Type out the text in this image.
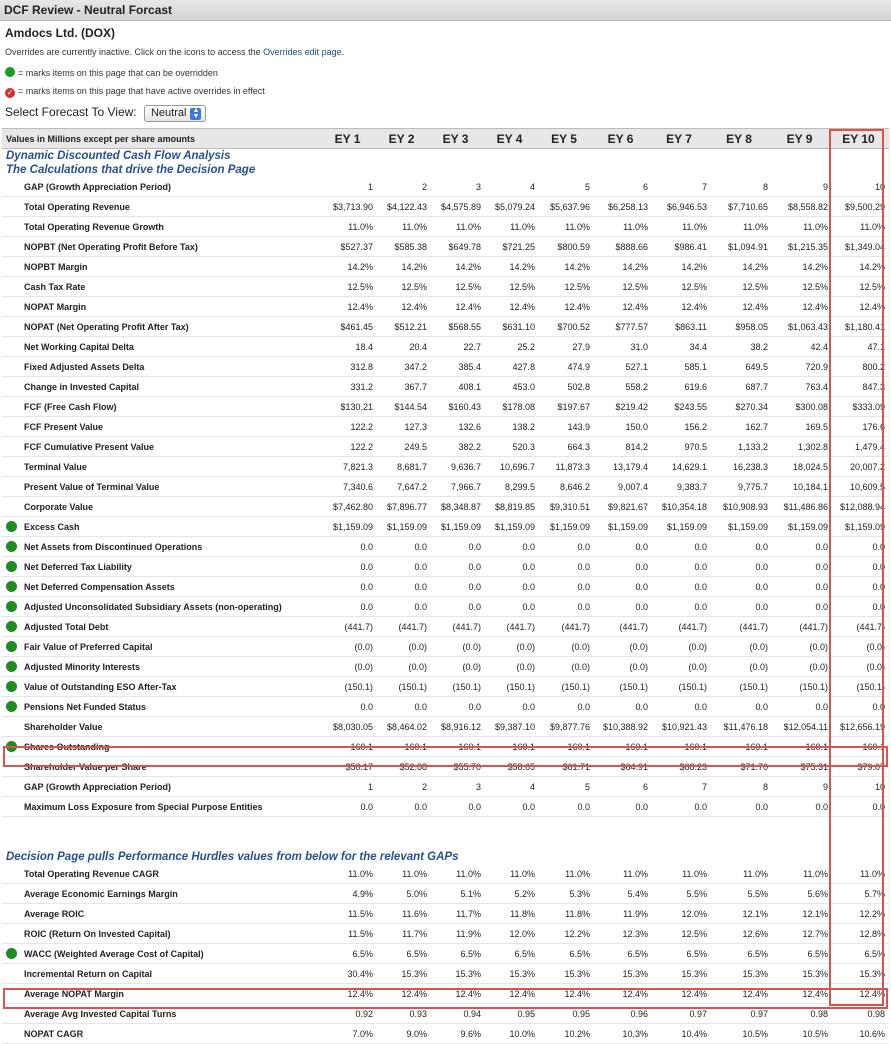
DCF Review - Neutral Forcast
Amdocs Ltd. (DOX)
Overrides are currently inactive. Click on the icons to access the Overrides edit page.
= marks items on this page that can be overridden
✓ = marks items on this page that have active overrides in effect
Select Forecast To View: Neutral ▲
▼
Values in Millions except per share amounts	EY 1	EY 2	EY 3	EY 4	EY 5	EY 6	EY 7	EY 8	EY 9	EY 10

Dynamic Discounted Cash Flow Analysis
The Calculations that drive the Decision Page										

GAP (Growth Appreciation Period)	1	2	3	4	5	6	7	8	9	10
Total Operating Revenue	$3,713.90	$4,122.43	$4,575.89	$5,079.24	$5,637.96	$6,258.13	$6,946.53	$7,710.65	$8,558.82	$9,500.29
Total Operating Revenue Growth	11.0%	11.0%	11.0%	11.0%	11.0%	11.0%	11.0%	11.0%	11.0%	11.0%
NOPBT (Net Operating Profit Before Tax)	$527.37	$585.38	$649.78	$721.25	$800.59	$888.66	$986.41	$1,094.91	$1,215.35	$1,349.04
NOPBT Margin	14.2%	14.2%	14.2%	14.2%	14.2%	14.2%	14.2%	14.2%	14.2%	14.2%
Cash Tax Rate	12.5%	12.5%	12.5%	12.5%	12.5%	12.5%	12.5%	12.5%	12.5%	12.5%
NOPAT Margin	12.4%	12.4%	12.4%	12.4%	12.4%	12.4%	12.4%	12.4%	12.4%	12.4%
NOPAT (Net Operating Profit After Tax)	$461.45	$512.21	$568.55	$631.10	$700.52	$777.57	$863.11	$958.05	$1,063.43	$1,180.41
Net Working Capital Delta	18.4	20.4	22.7	25.2	27.9	31.0	34.4	38.2	42.4	47.1
Fixed Adjusted Assets Delta	312.8	347.2	385.4	427.8	474.9	527.1	585.1	649.5	720.9	800.2
Change in Invested Capital	331.2	367.7	408.1	453.0	502.8	558.2	619.6	687.7	763.4	847.3
FCF (Free Cash Flow)	$130.21	$144.54	$160.43	$178.08	$197.67	$219.42	$243.55	$270.34	$300.08	$333.09
FCF Present Value	122.2	127.3	132.6	138.2	143.9	150.0	156.2	162.7	169.5	176.6
FCF Cumulative Present Value	122.2	249.5	382.2	520.3	664.3	814.2	970.5	1,133.2	1,302.8	1,479.4
Terminal Value	7,821.3	8,681.7	9,636.7	10,696.7	11,873.3	13,179.4	14,629.1	16,238.3	18,024.5	20,007.2
Present Value of Terminal Value	7,340.6	7,647.2	7,966.7	8,299.5	8,646.2	9,007.4	9,383.7	9,775.7	10,184.1	10,609.5
Corporate Value	$7,462.80	$7,896.77	$8,348.87	$8,819.85	$9,310.51	$9,821.67	$10,354.18	$10,908.93	$11,486.86	$12,088.94

Excess Cash	$1,159.09	$1,159.09	$1,159.09	$1,159.09	$1,159.09	$1,159.09	$1,159.09	$1,159.09	$1,159.09	$1,159.09

Net Assets from Discontinued Operations	0.0	0.0	0.0	0.0	0.0	0.0	0.0	0.0	0.0	0.0

Net Deferred Tax Liability	0.0	0.0	0.0	0.0	0.0	0.0	0.0	0.0	0.0	0.0

Net Deferred Compensation Assets	0.0	0.0	0.0	0.0	0.0	0.0	0.0	0.0	0.0	0.0

Adjusted Unconsolidated Subsidiary Assets (non-operating)	0.0	0.0	0.0	0.0	0.0	0.0	0.0	0.0	0.0	0.0

Adjusted Total Debt	(441.7)	(441.7)	(441.7)	(441.7)	(441.7)	(441.7)	(441.7)	(441.7)	(441.7)	(441.7)

Fair Value of Preferred Capital	(0.0)	(0.0)	(0.0)	(0.0)	(0.0)	(0.0)	(0.0)	(0.0)	(0.0)	(0.0)

Adjusted Minority Interests	(0.0)	(0.0)	(0.0)	(0.0)	(0.0)	(0.0)	(0.0)	(0.0)	(0.0)	(0.0)

Value of Outstanding ESO After-Tax	(150.1)	(150.1)	(150.1)	(150.1)	(150.1)	(150.1)	(150.1)	(150.1)	(150.1)	(150.1)

Pensions Net Funded Status	0.0	0.0	0.0	0.0	0.0	0.0	0.0	0.0	0.0	0.0
Shareholder Value	$8,030.05	$8,464.02	$8,916.12	$9,387.10	$9,877.76	$10,388.92	$10,921.43	$11,476.18	$12,054.11	$12,656.19

Shares Outstanding	160.1	160.1	160.1	160.1	160.1	160.1	160.1	160.1	160.1	160.1
Shareholder Value per Share	$50.17	$52.88	$55.70	$58.65	$61.71	$64.91	$68.23	$71.70	$75.31	$79.07
GAP (Growth Appreciation Period)	1	2	3	4	5	6	7	8	9	10
Maximum Loss Exposure from Special Purpose Entities	0.0	0.0	0.0	0.0	0.0	0.0	0.0	0.0	0.0	0.0

Decision Page pulls Performance Hurdles values from below for the relevant GAPs										

Total Operating Revenue CAGR	11.0%	11.0%	11.0%	11.0%	11.0%	11.0%	11.0%	11.0%	11.0%	11.0%
Average Economic Earnings Margin	4.9%	5.0%	5.1%	5.2%	5.3%	5.4%	5.5%	5.5%	5.6%	5.7%
Average ROIC	11.5%	11.6%	11.7%	11.8%	11.8%	11.9%	12.0%	12.1%	12.1%	12.2%
ROIC (Return On Invested Capital)	11.5%	11.7%	11.9%	12.0%	12.2%	12.3%	12.5%	12.6%	12.7%	12.8%

WACC (Weighted Average Cost of Capital)	6.5%	6.5%	6.5%	6.5%	6.5%	6.5%	6.5%	6.5%	6.5%	6.5%
Incremental Return on Capital	30.4%	15.3%	15.3%	15.3%	15.3%	15.3%	15.3%	15.3%	15.3%	15.3%
Average NOPAT Margin	12.4%	12.4%	12.4%	12.4%	12.4%	12.4%	12.4%	12.4%	12.4%	12.4%
Average Avg Invested Capital Turns	0.92	0.93	0.94	0.95	0.95	0.96	0.97	0.97	0.98	0.98
NOPAT CAGR	7.0%	9.0%	9.6%	10.0%	10.2%	10.3%	10.4%	10.5%	10.5%	10.6%
